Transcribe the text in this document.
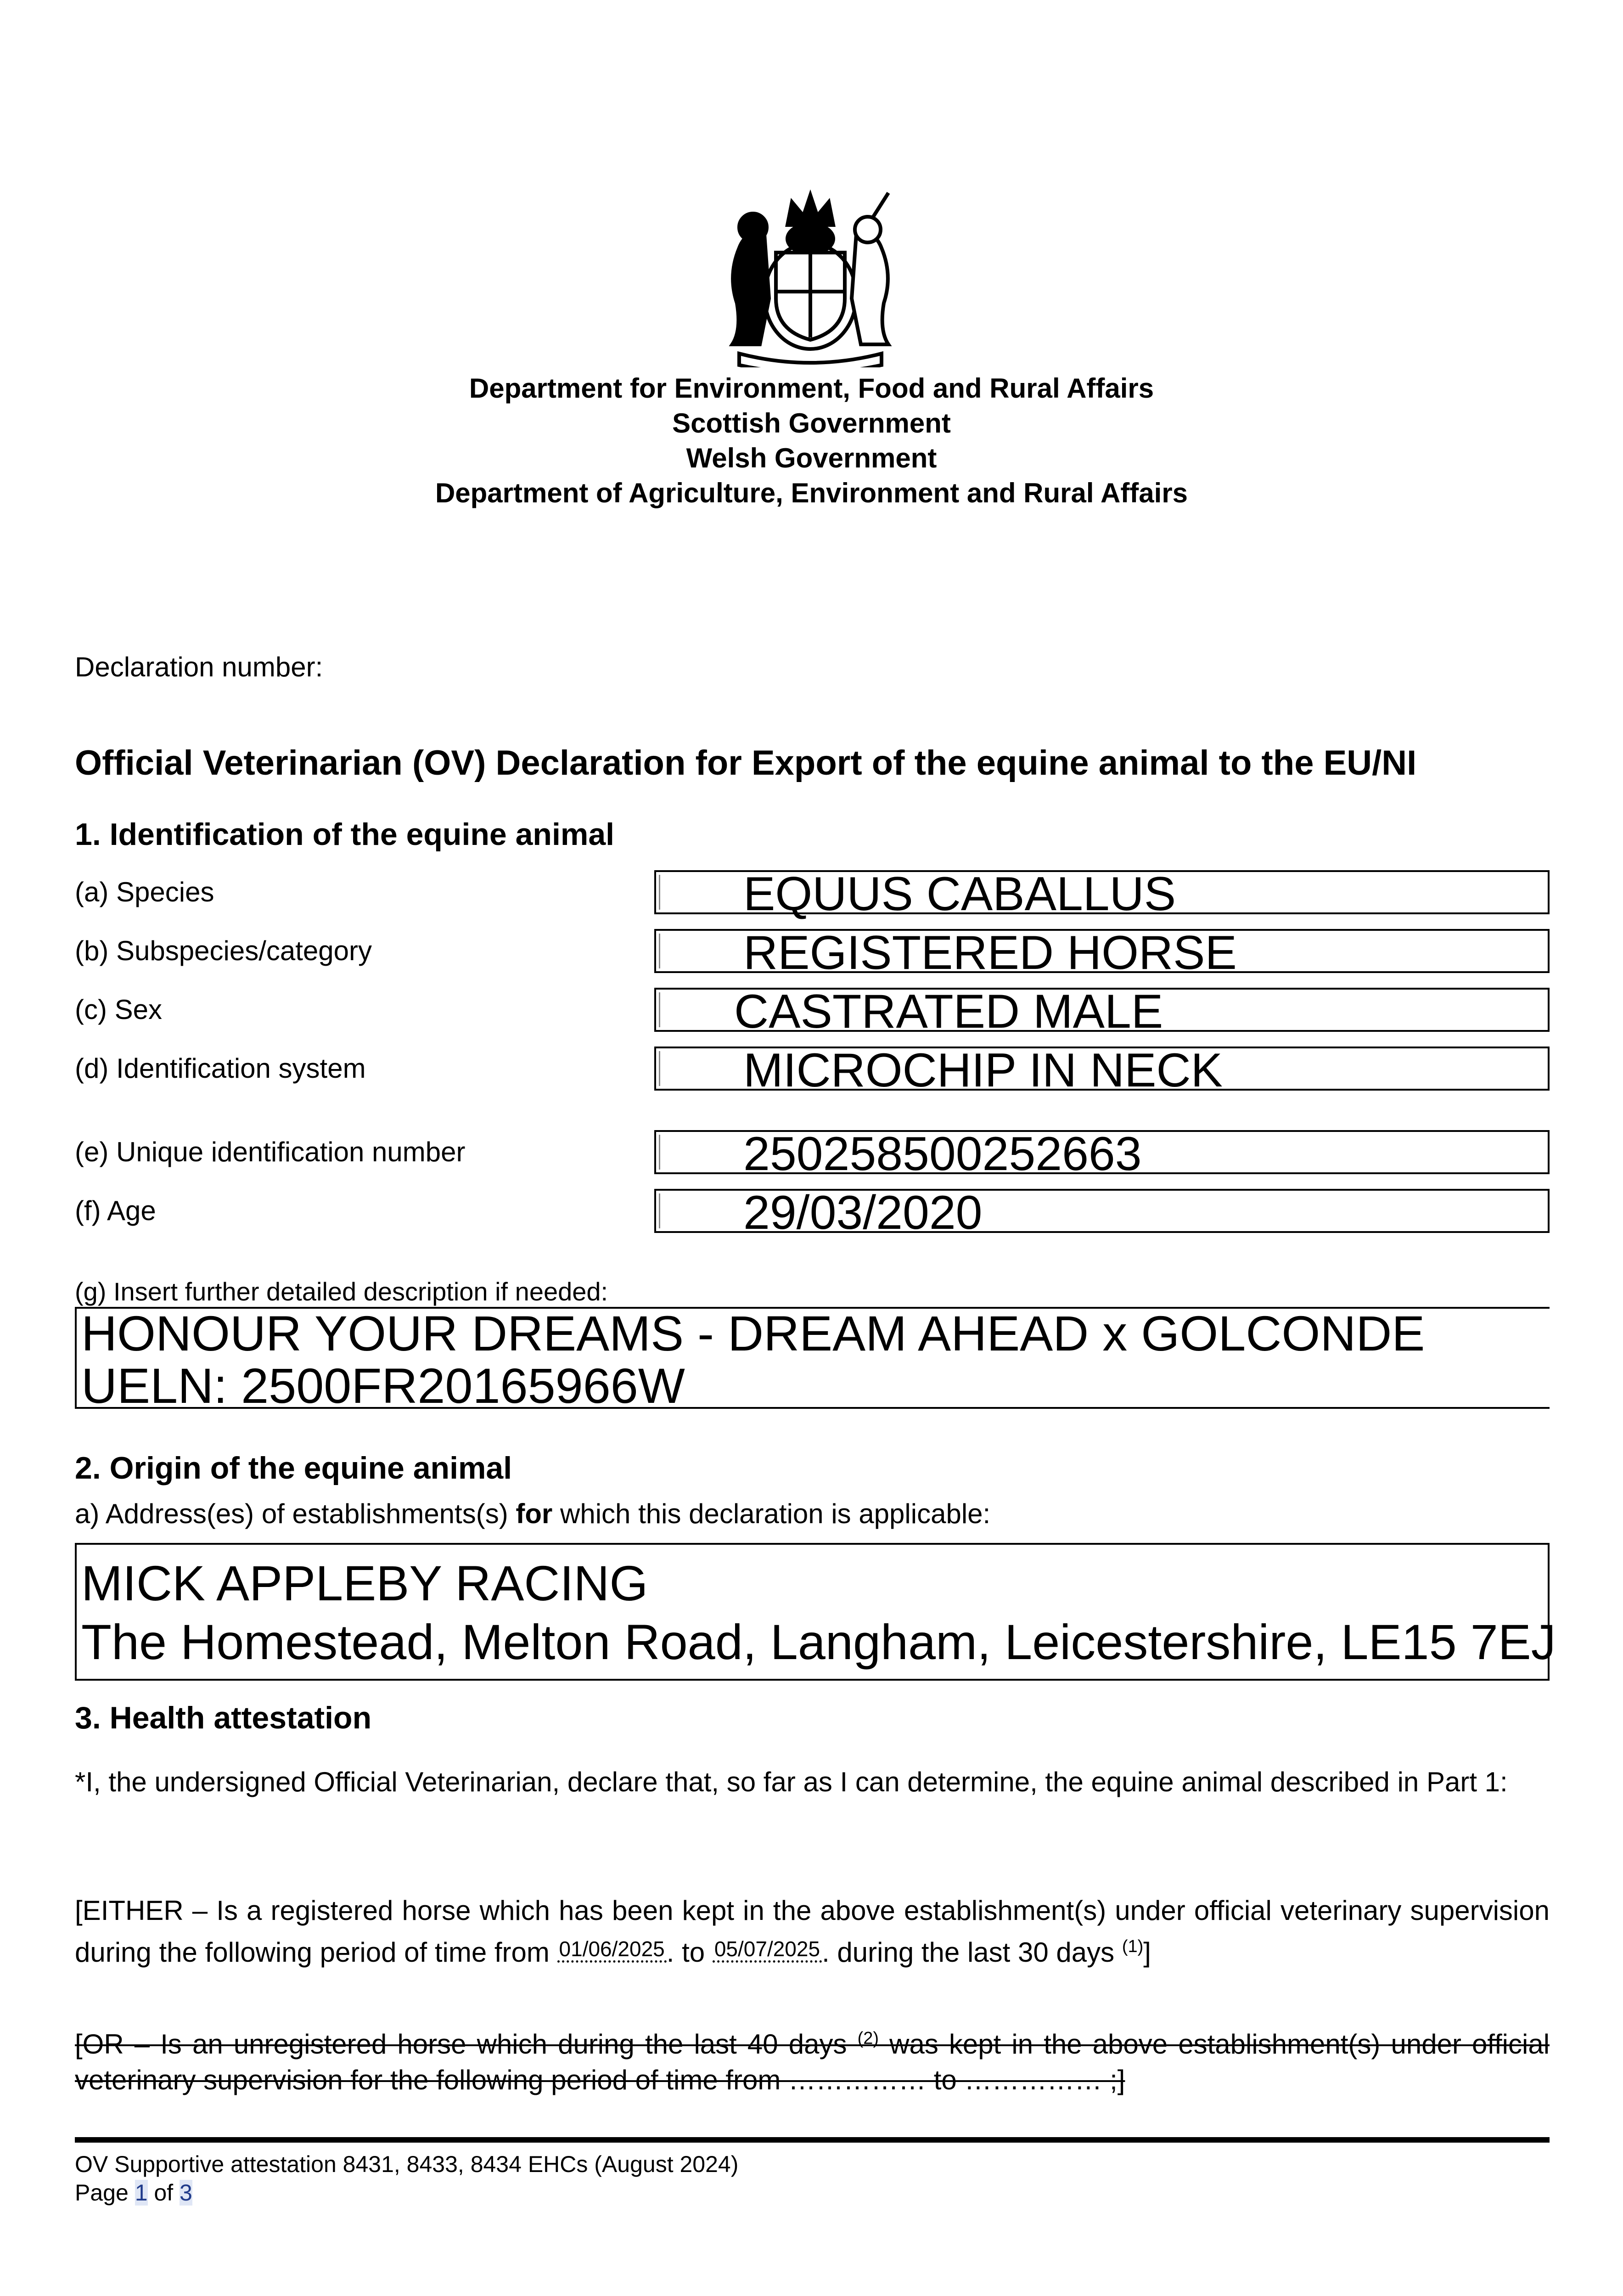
Department for Environment, Food and Rural Affairs
Scottish Government
Welsh Government
Department of Agriculture, Environment and Rural Affairs
Declaration number:
Official Veterinarian (OV) Declaration for Export of the equine animal to the EU/NI
1. Identification of the equine animal
(a) Species	EQUUS CABALLUS
(b) Subspecies/category	REGISTERED HORSE
(c) Sex	CASTRATED MALE
(d) Identification system	MICROCHIP IN NECK
(e) Unique identification number	250258500252663
(f) Age	29/03/2020
(g) Insert further detailed description if needed:
HONOUR YOUR DREAMS - DREAM AHEAD x GOLCONDE
UELN: 2500FR20165966W
2. Origin of the equine animal
a) Address(es) of establishments(s) for which this declaration is applicable:
MICK APPLEBY RACING
The Homestead, Melton Road, Langham, Leicestershire, LE15 7EJ
3. Health attestation
*I, the undersigned Official Veterinarian, declare that, so far as I can determine, the equine animal described in Part 1:
[EITHER – Is a registered horse which has been kept in the above establishment(s) under official veterinary supervision during the following period of time from 01/06/2025. to 05/07/2025. during the last 30 days $^{(1)}$]
[OR – Is an unregistered horse which during the last 40 days $^{(2)}$ was kept in the above establishment(s) under official veterinary supervision for the following period of time from …………… to …………… ;]
OV Supportive attestation 8431, 8433, 8434 EHCs (August 2024)
Page 1 of 3
